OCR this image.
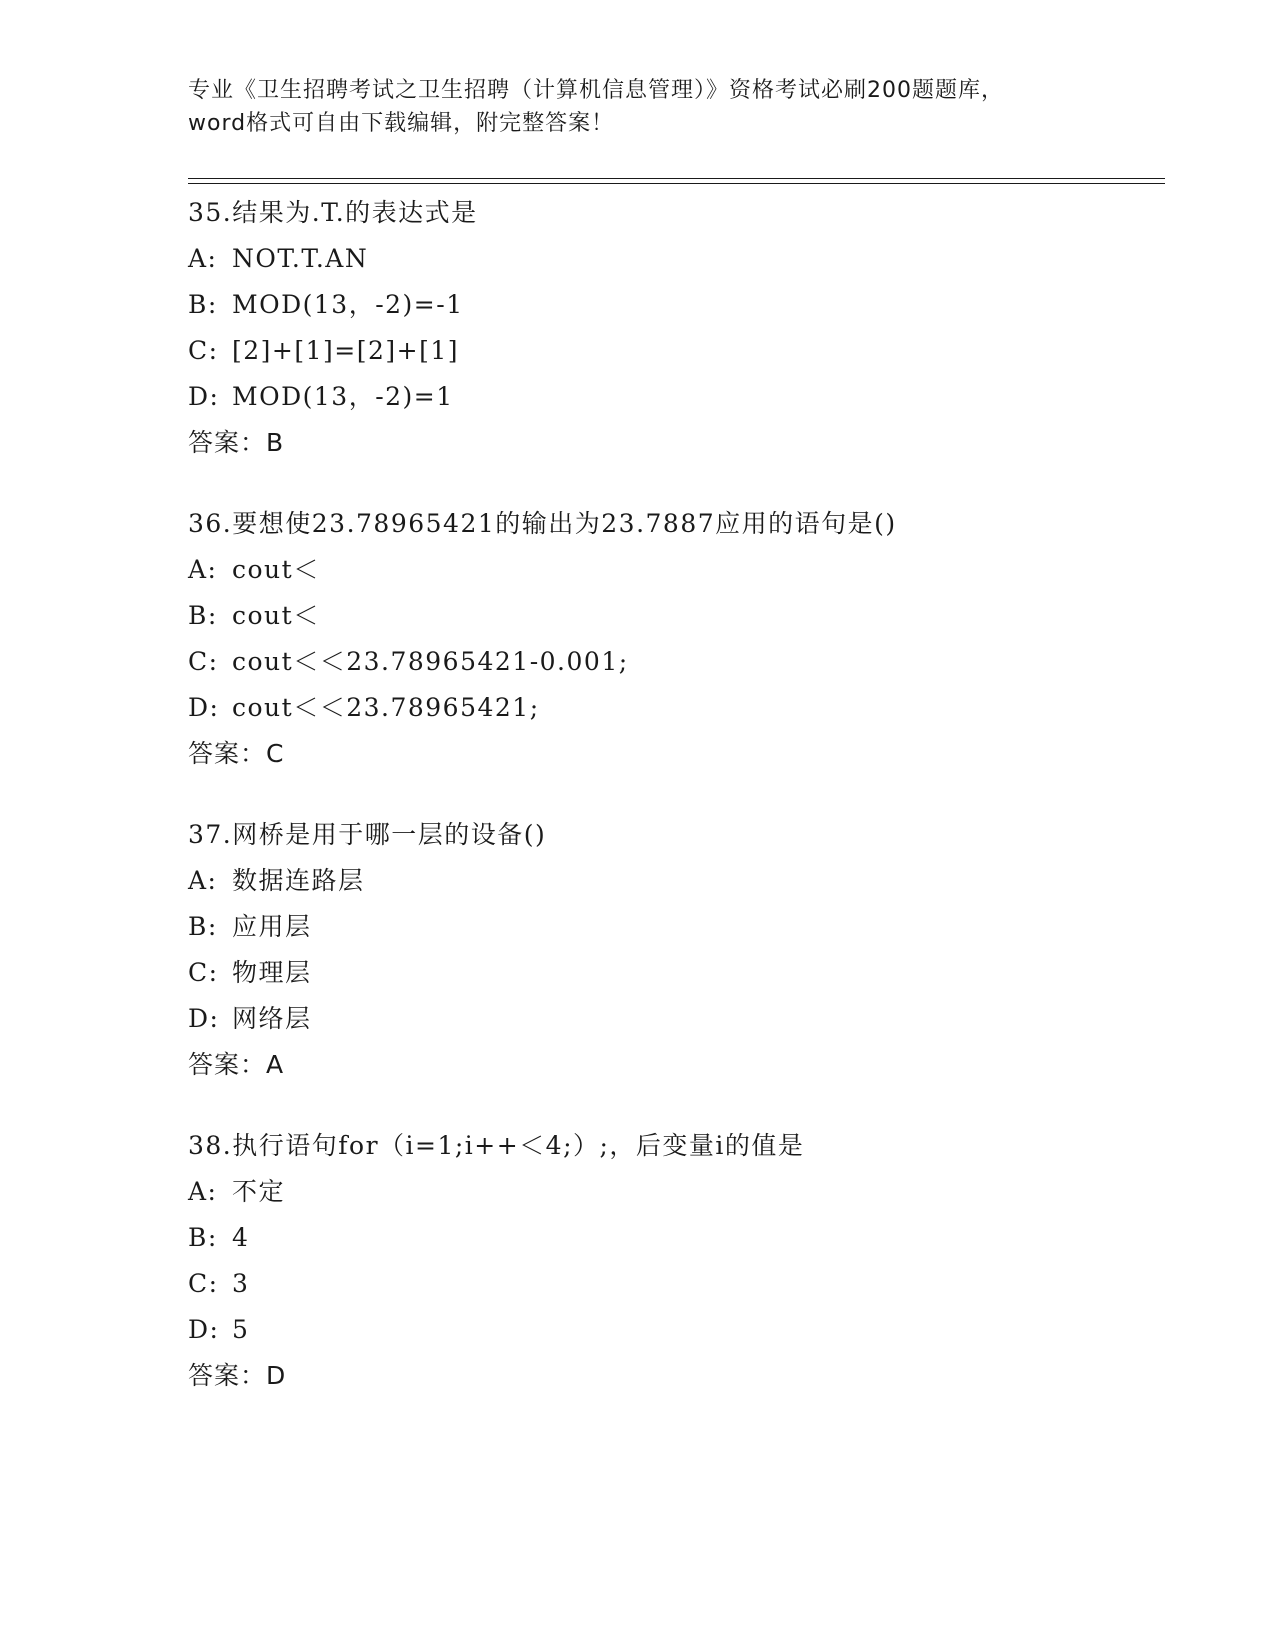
专业《卫生招聘考试之卫生招聘（计算机信息管理）》资格考试必刷200题题库，
word格式可自由下载编辑，附完整答案！
35.结果为.T.的表达式是
A: NOT.T.AN
B: MOD(13，-2)=-1
C: [2]+[1]=[2]+[1]
D: MOD(13，-2)=1
答案：B
36.要想使23.78965421的输出为23.7887应用的语句是()
A: cout＜
B: cout＜
C: cout＜＜23.78965421-0.001;
D: cout＜＜23.78965421;
答案：C
37.网桥是用于哪一层的设备()
A: 数据连路层
B: 应用层
C: 物理层
D: 网络层
答案：A
38.执行语句for（i=1;i++＜4;）;，后变量i的值是
A: 不定
B: 4
C: 3
D: 5
答案：D
